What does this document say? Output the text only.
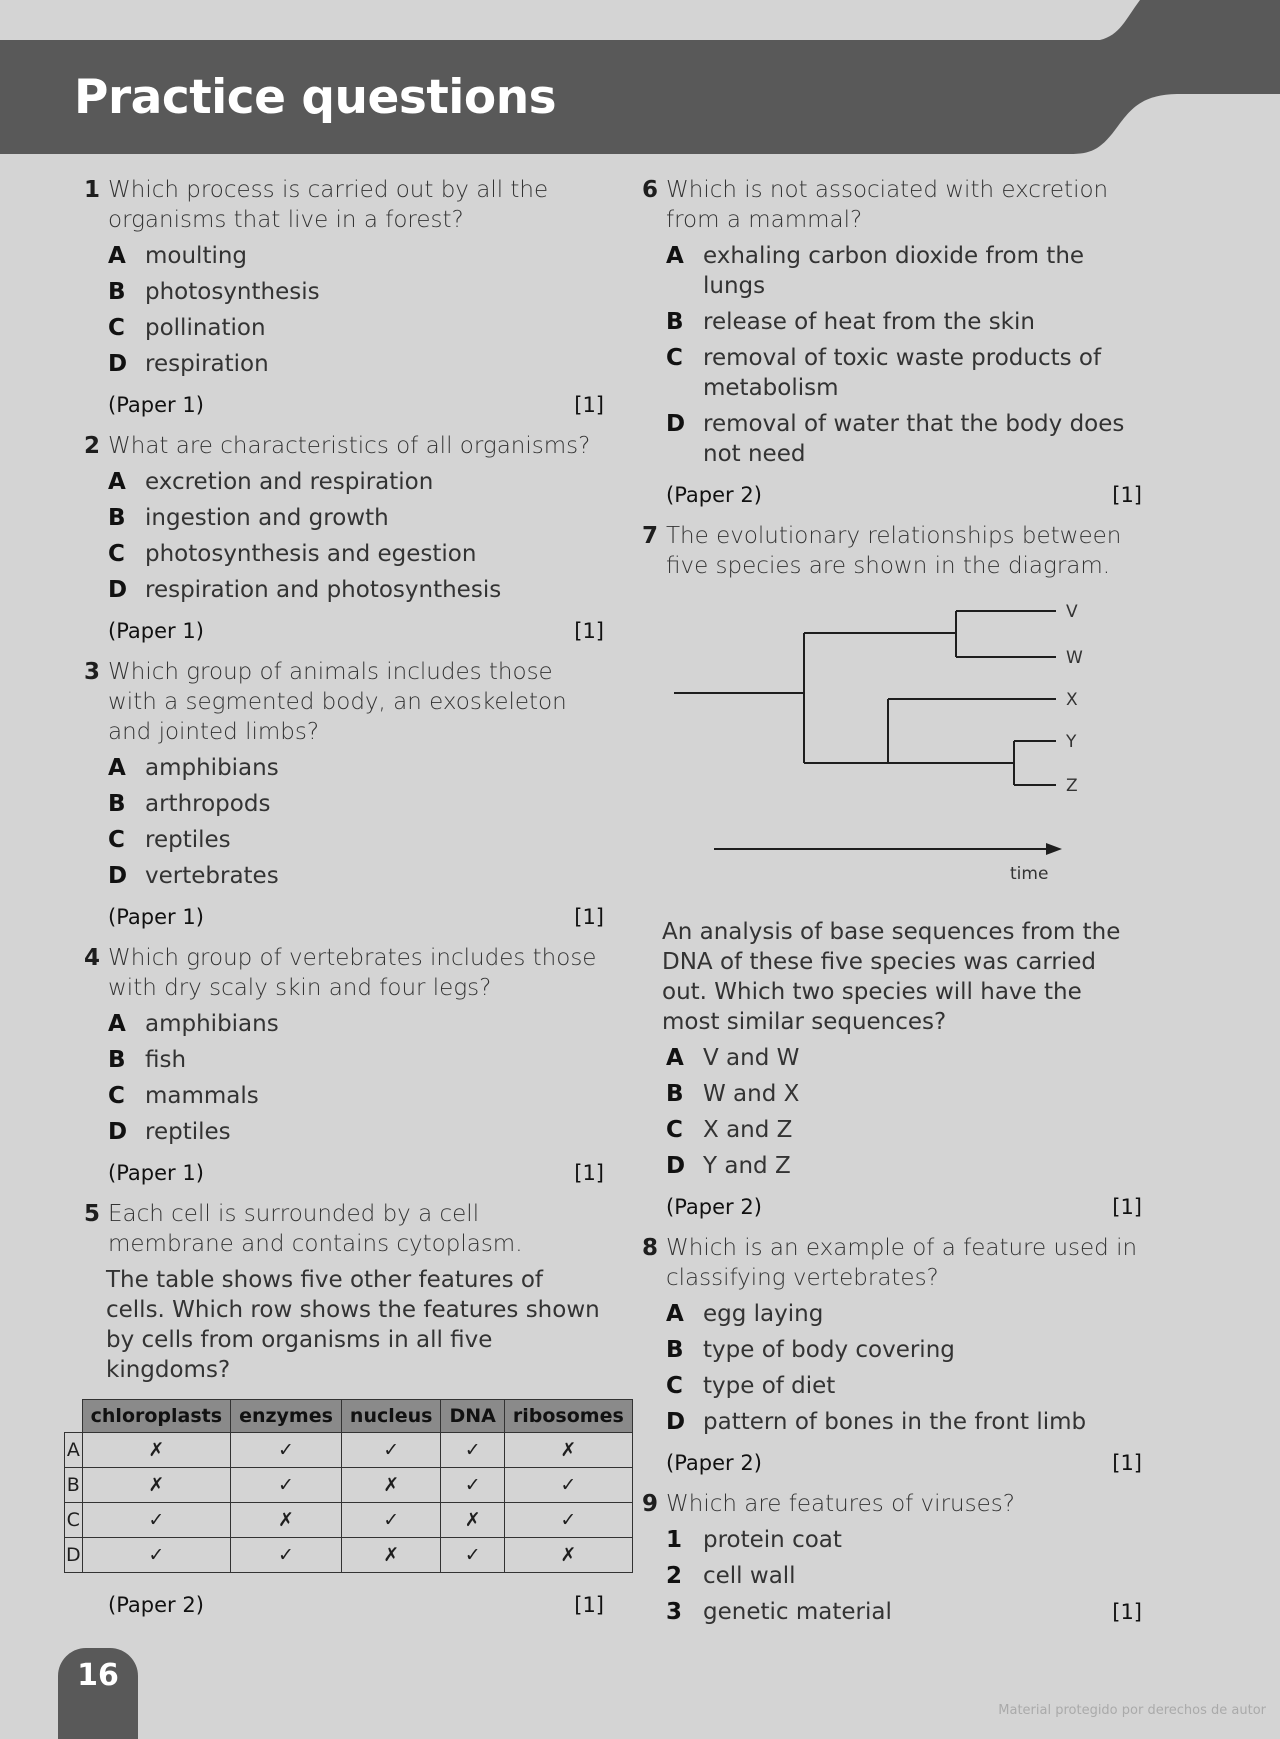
Practice questions
1 Which process is carried out by all the organisms that live in a forest?
A moulting
B photosynthesis
C pollination
D respiration
(Paper 1)	[1]
2 What are characteristics of all organisms?
A excretion and respiration
B ingestion and growth
C photosynthesis and egestion
D respiration and photosynthesis
(Paper 1)	[1]
3 Which group of animals includes those with a segmented body, an exoskeleton and jointed limbs?
A amphibians
B arthropods
C reptiles
D vertebrates
(Paper 1)	[1]
4 Which group of vertebrates includes those with dry scaly skin and four legs?
A amphibians
B fish
C mammals
D reptiles
(Paper 1)	[1]
5 Each cell is surrounded by a cell membrane and contains cytoplasm.
The table shows five other features of cells. Which row shows the features shown by cells from organisms in all five kingdoms?
	chloroplasts	enzymes	nucleus	DNA	ribosomes
A	✗	✓	✓	✓	✗
B	✗	✓	✗	✓	✓
C	✓	✗	✓	✗	✓
D	✓	✓	✗	✓	✗
(Paper 2)	[1]
6 Which is not associated with excretion from a mammal?
A exhaling carbon dioxide from the lungs
B release of heat from the skin
C removal of toxic waste products of metabolism
D removal of water that the body does not need
(Paper 2)	[1]
7 The evolutionary relationships between five species are shown in the diagram.
V
W
X
Y
Z
time
An analysis of base sequences from the DNA of these five species was carried out. Which two species will have the most similar sequences?
A V and W
B W and X
C X and Z
D Y and Z
(Paper 2)	[1]
8 Which is an example of a feature used in classifying vertebrates?
A egg laying
B type of body covering
C type of diet
D pattern of bones in the front limb
(Paper 2)	[1]
9 Which are features of viruses?
1 protein coat
2 cell wall
3 genetic material	[1]
16
Material protegido por derechos de autor
